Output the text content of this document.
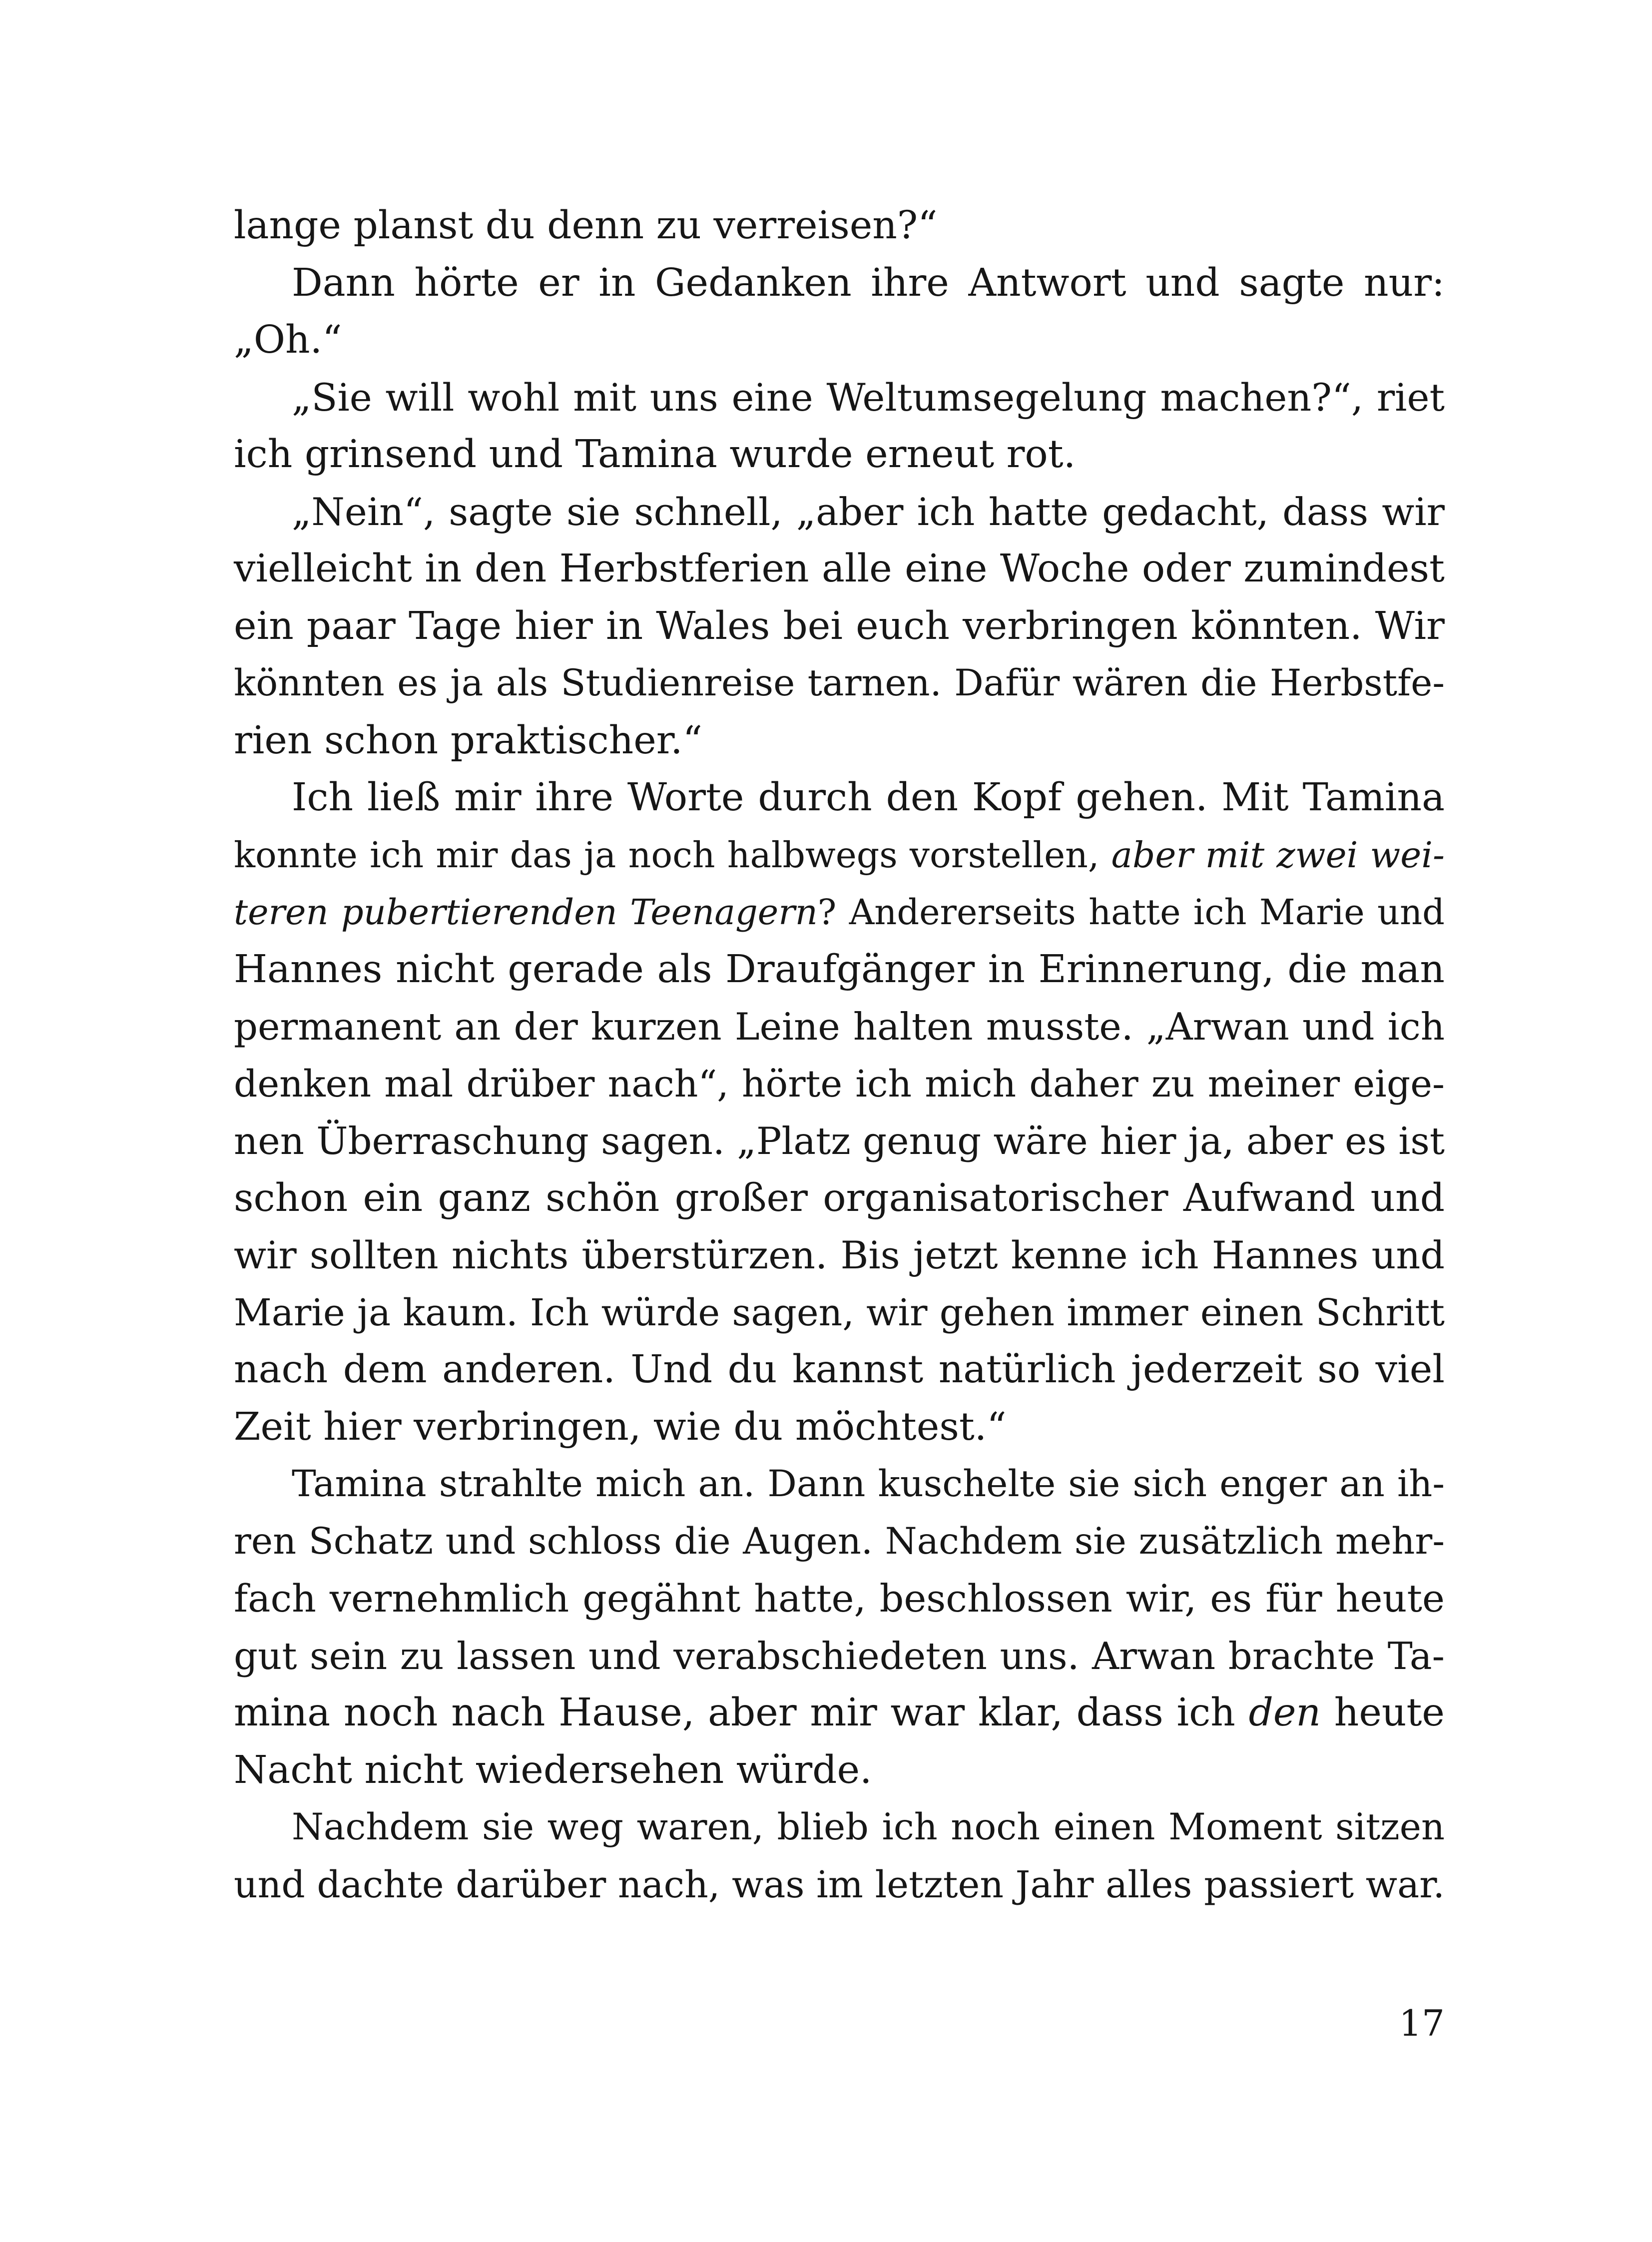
lange planst du denn zu verreisen?“
Dann hörte er in Gedanken ihre Antwort und sagte nur:
„Oh.“
„Sie will wohl mit uns eine Weltumsegelung machen?“, riet
ich grinsend und Tamina wurde erneut rot.
„Nein“, sagte sie schnell, „aber ich hatte gedacht, dass wir
vielleicht in den Herbstferien alle eine Woche oder zumindest
ein paar Tage hier in Wales bei euch verbringen könnten. Wir
könnten es ja als Studienreise tarnen. Dafür wären die Herbstfe-
rien schon praktischer.“
Ich ließ mir ihre Worte durch den Kopf gehen. Mit Tamina
konnte ich mir das ja noch halbwegs vorstellen, aber mit zwei wei-
teren pubertierenden Teenagern? Andererseits hatte ich Marie und
Hannes nicht gerade als Draufgänger in Erinnerung, die man
permanent an der kurzen Leine halten musste. „Arwan und ich
denken mal drüber nach“, hörte ich mich daher zu meiner eige-
nen Überraschung sagen. „Platz genug wäre hier ja, aber es ist
schon ein ganz schön großer organisatorischer Aufwand und
wir sollten nichts überstürzen. Bis jetzt kenne ich Hannes und
Marie ja kaum. Ich würde sagen, wir gehen immer einen Schritt
nach dem anderen. Und du kannst natürlich jederzeit so viel
Zeit hier verbringen, wie du möchtest.“
Tamina strahlte mich an. Dann kuschelte sie sich enger an ih-
ren Schatz und schloss die Augen. Nachdem sie zusätzlich mehr-
fach vernehmlich gegähnt hatte, beschlossen wir, es für heute
gut sein zu lassen und verabschiedeten uns. Arwan brachte Ta-
mina noch nach Hause, aber mir war klar, dass ich den heute
Nacht nicht wiedersehen würde.
Nachdem sie weg waren, blieb ich noch einen Moment sitzen
und dachte darüber nach, was im letzten Jahr alles passiert war.
17
